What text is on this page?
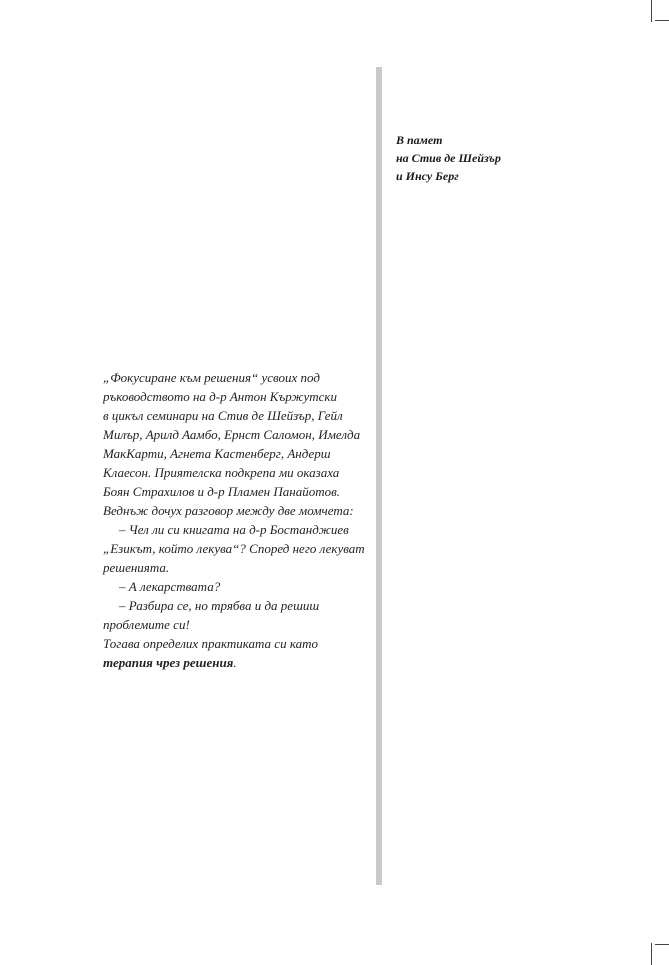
В памет
на Стив де Шейзър
и Инсу Берг
„Фокусиране към решения“ усвоих под
ръководството на д-р Антон Кържутски
в цикъл семинари на Стив де Шейзър, Гейл
Милър, Арилд Аамбо, Ернст Саломон, Имелда
МакКарти, Агнета Кастенберг, Андерш
Клаесон. Приятелска подкрепа ми оказаха
Боян Страхилов и д-р Пламен Панайотов.
Веднъж дочух разговор между две момчета:
– Чел ли си книгата на д-р Бостанджиев
„Езикът, който лекува“? Според него лекуват
решенията.
– А лекарствата?
– Разбира се, но трябва и да решиш
проблемите си!
Тогава определих практиката си като
терапия чрез решения.
